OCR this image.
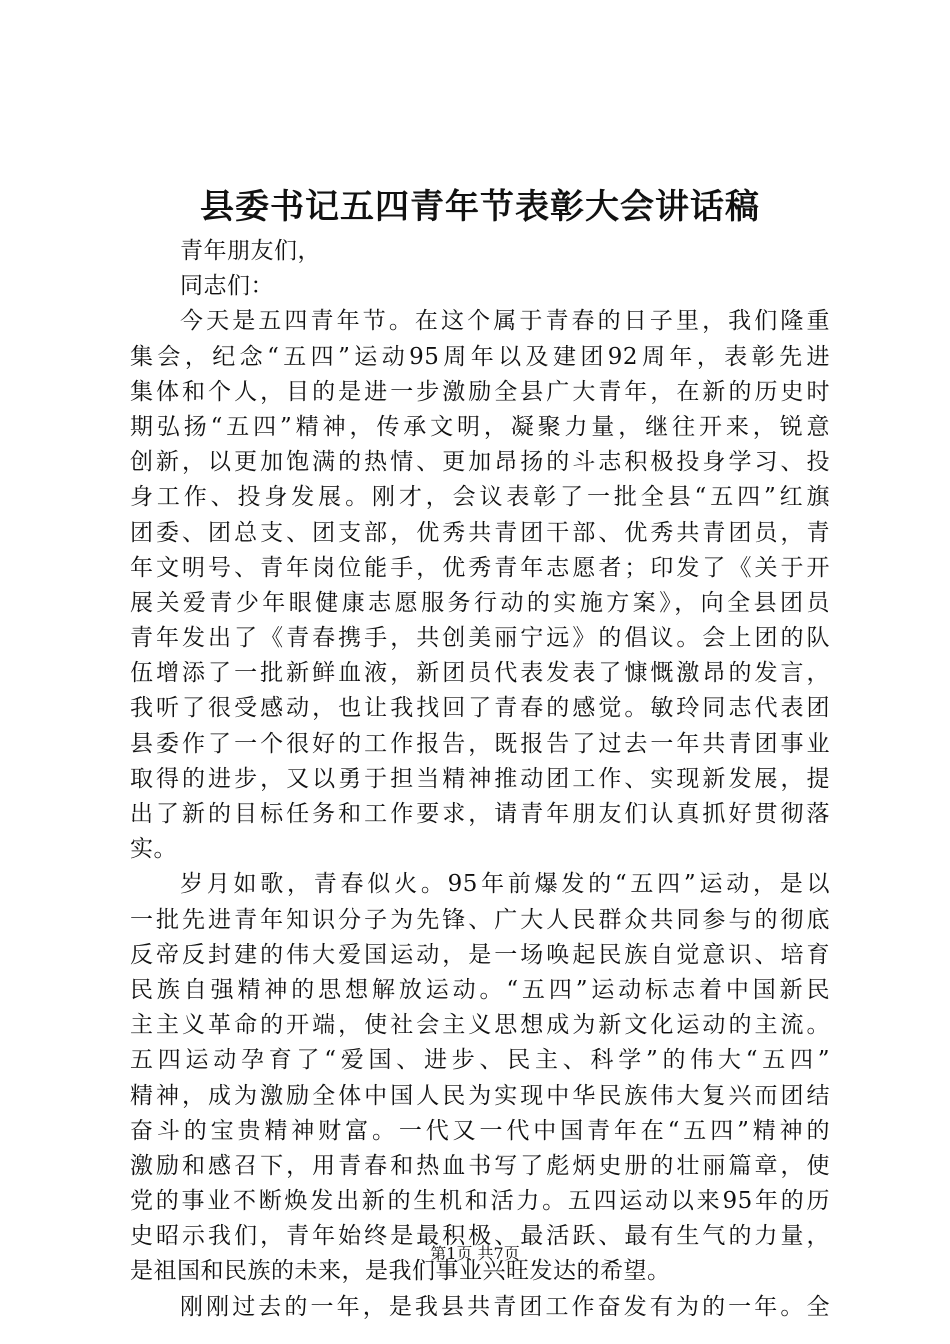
县委书记五四青年节表彰大会讲话稿
青年朋友们，
同志们：
今天是五四青年节。在这个属于青春的日子里，我们隆重
集会，纪念“五四”运动95周年以及建团92周年，表彰先进
集体和个人，目的是进一步激励全县广大青年，在新的历史时
期弘扬“五四”精神，传承文明，凝聚力量，继往开来，锐意
创新，以更加饱满的热情、更加昂扬的斗志积极投身学习、投
身工作、投身发展。刚才，会议表彰了一批全县“五四”红旗
团委、团总支、团支部，优秀共青团干部、优秀共青团员，青
年文明号、青年岗位能手，优秀青年志愿者；印发了《关于开
展关爱青少年眼健康志愿服务行动的实施方案》，向全县团员
青年发出了《青春携手，共创美丽宁远》的倡议。会上团的队
伍增添了一批新鲜血液，新团员代表发表了慷慨激昂的发言，
我听了很受感动，也让我找回了青春的感觉。敏玲同志代表团
县委作了一个很好的工作报告，既报告了过去一年共青团事业
取得的进步，又以勇于担当精神推动团工作、实现新发展，提
出了新的目标任务和工作要求，请青年朋友们认真抓好贯彻落
实。
岁月如歌，青春似火。95年前爆发的“五四”运动，是以
一批先进青年知识分子为先锋、广大人民群众共同参与的彻底
反帝反封建的伟大爱国运动，是一场唤起民族自觉意识、培育
民族自强精神的思想解放运动。“五四”运动标志着中国新民
主主义革命的开端，使社会主义思想成为新文化运动的主流。
五四运动孕育了“爱国、进步、民主、科学”的伟大“五四”
精神，成为激励全体中国人民为实现中华民族伟大复兴而团结
奋斗的宝贵精神财富。一代又一代中国青年在“五四”精神的
激励和感召下，用青春和热血书写了彪炳史册的壮丽篇章，使
党的事业不断焕发出新的生机和活力。五四运动以来95年的历
史昭示我们，青年始终是最积极、最活跃、最有生气的力量，
是祖国和民族的未来，是我们事业兴旺发达的希望。
刚刚过去的一年，是我县共青团工作奋发有为的一年。全
第1页 共7页
